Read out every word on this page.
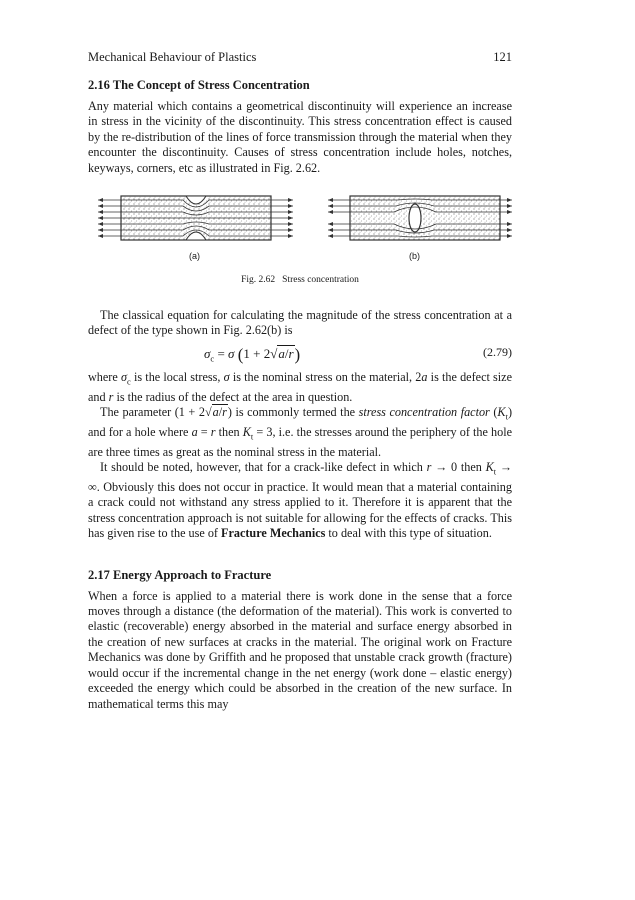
Mechanical Behaviour of Plastics	121
2.16 The Concept of Stress Concentration

Any material which contains a geometrical discontinuity will experience an increase in stress in the vicinity of the discontinuity. This stress concentration effect is caused by the re-distribution of the lines of force transmission through the material when they encounter the discontinuity. Causes of stress concentration include holes, notches, keyways, corners, etc as illustrated in Fig. 2.62.

(a)	(b)
Fig. 2.62 Stress concentration

The classical equation for calculating the magnitude of the stress concentration at a defect of the type shown in Fig. 2.62(b) is

$\sigma_c = \sigma$ (1 + 2√a/r)	(2.79)

where $\sigma_c$ is the local stress, σ is the nominal stress on the material, 2a is the defect size and r is the radius of the defect at the area in question.

The parameter (1 + 2√a/r) is commonly termed the stress concentration factor $(K_t)$ and for a hole where a = r then $K_t = 3$, i.e. the stresses around the periphery of the hole are three times as great as the nominal stress in the material.

It should be noted, however, that for a crack-like defect in which r → 0 then $K_t$ → ∞. Obviously this does not occur in practice. It would mean that a material containing a crack could not withstand any stress applied to it. Therefore it is apparent that the stress concentration approach is not suitable for allowing for the effects of cracks. This has given rise to the use of Fracture Mechanics to deal with this type of situation.

2.17 Energy Approach to Fracture

When a force is applied to a material there is work done in the sense that a force moves through a distance (the deformation of the material). This work is converted to elastic (recoverable) energy absorbed in the material and surface energy absorbed in the creation of new surfaces at cracks in the material. The original work on Fracture Mechanics was done by Griffith and he proposed that unstable crack growth (fracture) would occur if the incremental change in the net energy (work done – elastic energy) exceeded the energy which could be absorbed in the creation of the new surface. In mathematical terms this may
